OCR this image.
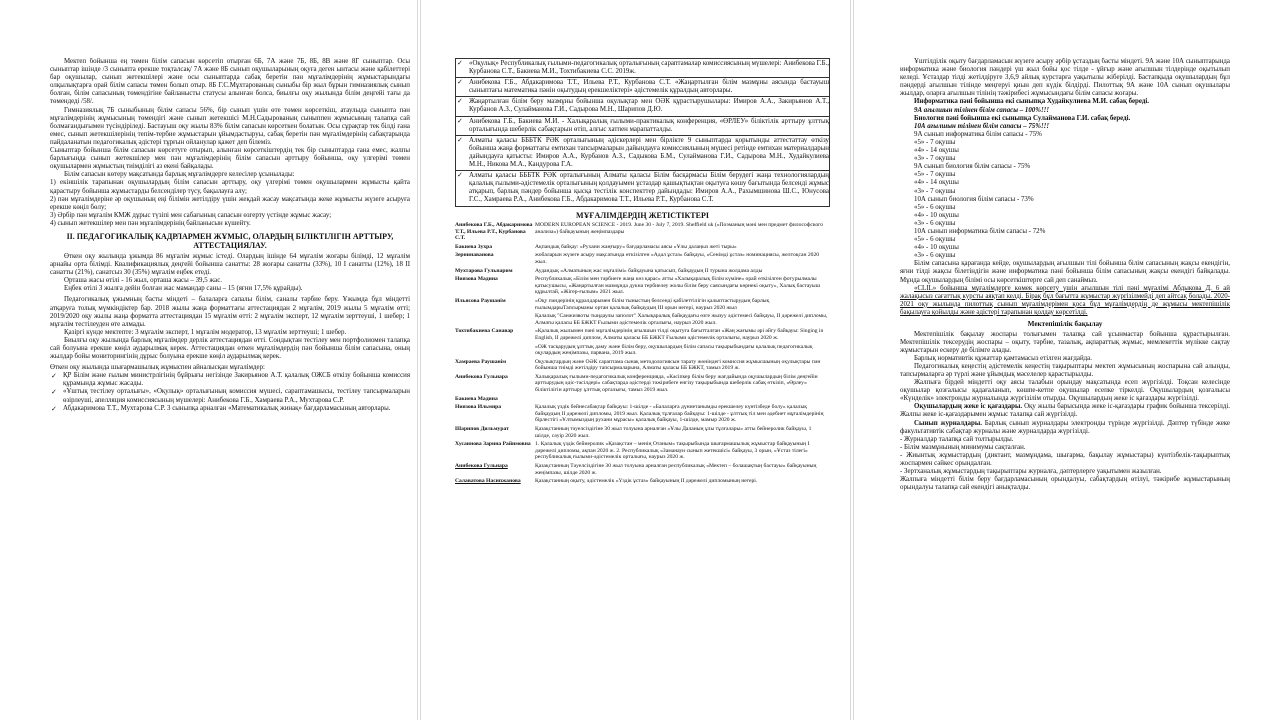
Мектеп бойынша ең төмен білім сапасын көрсетіп отырған 6Б, 7А және 7Б, 8Б, 8В және 8Г сыныптар. Осы сыныптар ішінде /3 сыныпта ерекше тоқталсақ/ 7А және 8Б сынып оқушыларының оқуға деген ынтасы және қабілеттері бар оқушылар, сынып жетекшілері және осы сыныптарда сабақ беретін пән мұғалімдерінің жұмыстарындағы олқылықтарға орай білім сапасы төмен болып отыр. 8Б Г.С.Мұхтарованың сыныбы бір жыл бұрын гимназиялық сынып болған, білім сапасының төмендігіне байланысты статусы алынған болса, биылғы оқу жылында білім деңгейі тағы да төмендеді /58/.

Гимназиялық 7Б сыныбының білім сапасы 56%, бір сынып үшін өте төмен көрсеткіш, атаулыда сыныпта пән мұғалімдерінің жұмысының төмендігі және сынып жетекшісі М.Н.Садырованың сыныппен жұмысының талапқа сай болмағандығымен түсіндіріледі. Бастауыш оқу жылы 83% білім сапасын көрсеткен болатын. Осы сұрақтар тек білді ғана емес, сынып жетекшілерінің тепім-тербие жұмыстарын ұйымдастыруы, сабақ беретін пән мұғалімдерінің сабақтарында пайдаланатын педагогикалық әдістері тұрғын ойланулар қажет деп білеміз.

Сыныптар бойынша білім сапасын көрсетуге отырып, алынған көрсеткіштердің тек бір сыныптарда ғана емес, жалпы барлығында сынып жетекшілер мен пән мұғалімдерінің білім сапасын арттыру бойынша, оқу үлгерімі төмен оқушылармен жұмыстың тиімділігі аз екені байқалады.

Білім сапасын көтеру мақсатында барлық мұғалімдерге келесілер ұсынылады:

1) екіншілік тарапынан оқушылардың білім сапасын арттыру, оқу үлгерімі төмен оқушылармен жұмысты қайта қарастыру бойынша жұмыстарды белсенділер түсу, бақылауға алу;

2) пән мұғалімдеріне әр оқушының еңі білімін жетілдіру үшін жеқдай жасау мақсатында жеке жұмысты жүзеге асыруға ерекше көңіл бөлу;

3) Әрбір пән мұғалім КМЖ дұрыс түзіпі мен сабағының сапасын өзгерту үстінде жұмыс жасау;

4) сынып жетекшілер мен пән мұғалімдерінің байланысын күшейту.

II. ПЕДАГОГИКАЛЫҚ КАДРЛАРМЕН ЖҰМЫС, ОЛАРДЫҢ БІЛІКТІЛІГІН АРТТЫРУ, АТТЕСТАЦИЯЛАУ.

Өткен оқу жылында ұжымда 86 мұғалім жұмыс істеді. Олардың ішінде 64 мұғалім жоғары білімді, 12 мұғалім арнайы орта білімді. Квалификациялық деңгейі бойынша санатты: 28 жоғары санатты (33%), 10 I санатты (12%), 18 II санатты (21%), санатсыз 30 (35%) мұғалім еңбек етеді.

Орташа жасы өтілі - 16 жыл, орташа жасы – 39,5 жас.

Еңбек өтілі 3 жылға дейін болған жас мамандар саны – 15 (яғни 17,5% құрайды).

Педагогикалық ұжымның басты міндеті – балаларға сапалы білім, саналы тәрбие беру. Ұжымда бұл міндетті атқаруға толық мүмкіндіктер бар. 2018 жылы жаңа форматтағы аттестациядан 2 мұғалім, 2019 жылы 5 мұғалім өтті; 2019/2020 оқу жылы жаңа форматта аттестациядан 15 мұғалім өтті: 2 мұғалім эксперт, 12 мұғалім зерттеуші, 1 шебер; 1 мұғалім тестілеуден өте алмады.

Қазіргі күнде мектепте: 3 мұғалім эксперт, 1 мұғалім модератор, 13 мұғалім зерттеуші; 1 шебер.

Биылғы оқу жылында барлық мұғалімдер дерлік аттестациядан өтті. Сондықтан тестілеу мен портфолиомен талапқа сай болуына ерекше көңіл аударылмақ керек. Аттестациядан өткен мұғалімдердің пән бойынша білім сапасына, оның жылдар бойы мониторингінің дұрыс болуына ерекше көңіл аударылмақ керек.

Өткен оқу жылында шығармашылық жұмыспен айналысқан мұғалімдер:

✓ ҚР Білім және ғылым министрлігінің бұйрығы негізінде Закирьянов А.Т. қалалық ОЖСБ өткізу бойынша комиссия құрамында жұмыс жасады.
✓ «Ұштық тестілеу орталығы», «Оқулық» орталығының комиссия мүшесі, сараптамашысы, тестілеу тапсырмаларын өзірлеуші, апелляция комиссиясының мүшелері: Анибекова Г.Б., Хамраева Р.А., Мухтарова С.Р.
✓ Абдакаримова Т.Т., Мухтарова С.Р. 3 сыныпқа арналған «Математикалық жинақ» бағдарламасының авторлары.
✓ «Оқулық» Республикалық ғылыми-педагогикалық орталығының сараптамалар комиссиясының мүшелері: Анибекова Г.Б., Курбанова С.Т., Бакиева М.И., Тохтибакиева С.С. 2019ж.
✓ Анибекова Г.Б., Абдакаримова Т.Т., Ильева Р.Т., Курбанова С.Т. «Жаңартылған білім мазмұны аясында бастауыш сыныптағы математика пәнін оқытудың ерекшеліктері» әдістемелік құралдың авторлары.
✓ Жаңартылған білім беру мазмұны бойынша оқулықтар мен ОӘК құрастырушылары: Имиров А.А., Закирьянов А.Т., Курбанов А.З., Сулайманова Г.И., Садырова М.Н., Шарипов Д.Ю.
✓ Анибекова Г.Б., Бакиева М.И. - Халықаралық ғылыми-практикалық конференция, «ӨРЛЕУ» біліктілік арттыру ұлттық орталығында шеберлік сабақтарын өтіп, алғыс хатпен марапатталды.
✓ Алматы қаласы БББТК РӘК орталығының әдіскерлері мен бірлікте 9 сыныптарда қорытынды аттестаттау өткізу бойынша жаңа форматтағы емтихан тапсырмаларын дайындауға комиссиялының мүшесі ретінде емтихан материалдарын дайындауға қатысты: Имиров А.А., Курбанов А.З., Садыкова Б.М., Сулайманова Г.И., Садырова М.Н., Худайкулиева М.Н., Никова М.А., Кандурова Г.А.
✓ Алматы қаласы БББТК РӘК орталығының Алматы қаласы Білім басқармасы Білім берудегі жаңа технологиялардың қалалық ғылыми-әдістемелік орталығының қолдауымен ұстаздар қашықтықтан оқытуға көшу бағытында белсенді жұмыс атқарып, барлық пәндер бойынша қысқа тестілік конспекттер дайындады: Имиров А.А., Рахымшинова Ш.С., Юнусова Г.С., Хамраева Р.А., Анибекова Г.Б., Абдакаримова Т.Т., Ильева Р.Т., Курбанова С.Т.
МҰҒАЛІМДЕРДІҢ ЖЕТІСТІКТЕРІ
Анибекова Г.Б., Абдакаримова Т.Т., Ильева Р.Т., Курбанова С.Т.	MODERN EUROPEAN SCIENCE - 2019. June 30 - July 7, 2019. Sheffield uk («Поэманың мәні мен предмет философского анализа») байқауының жеңімпаздары
Бакиева Зухра	Ақпандық байқау: «Рухани жаңғыру» бағдарламасы аясы «Ұлы далаңыз жеті тыры»
Зернинаванова	жобаларын жүзеге асыру мақсатында өткізілген «Адал ұстаз» байқауы, «Сенімді ұстаз» номинациясы, желтоқсан 2020 жыл.
Мухтарова Гульнарим	Аудандық «Алматының жас мұғалімі» байқауына қатысып, байқаудың II турына жолдама алды
Ниязова Мадина	Республикалық «Білім мен тәрбиеге жаңа көз қарас» атты «Халықаралық білім күміне» орай өткізілген фотурылмалы қатысушысы, «Жаңартылған мазмұнда дукна тербиелеу жолы білім беру саясындағы көрнекі оқыту», Халық бастауыш құрылтай, «Жігер-ғылым» 2021 жыл.
Ильясова Раушанім	«Оқу пәндерінің құралдарымен білім тыныстың белсенді қабілеттілігін қалыптастырудың барлық ғылымдарыТапсырманы ортан қалалық байқаудың III орын иегері, наурыз 2020 жыл
	Қалалық "Санжизвоты тыңдаулы заполот" Халықаралық байқаудағы өзге жызуу әдістемесі байқауы, II дәрежелі дипломы, Алматы қаласы ББ БЖКТ Ғылыми әдістемелік орталығы, наурыз 2020 жыл.
Тохтибакиева Санавар	«Қалалық жылымен пәні мұғалімдерінің ағылшын тілді оқытуға бағытталған «Жаң жағымы әрі әйгу байқауы: Singing in English, II дәрежелі диплом, Алматы қаласы ББ БЖКТ Ғылыми әдістемелік орталығы, наурыз 2020 ж.
	«ОЖ тасқарудың ұлттық даму және білім беру, оқушылардың білім сапасы тақырыбындағы қалалық педагогикалық оқулардың жеңімпазы, парвана, 2019 жыл.
Хамраева Раушанім	Оқулықтардың және ОӘК сараптама сынақ методологиясын тарату жөніндегі комиссия жұмысшының оқулықтары пән бойынша тиімді жетілдіру тапсырмаларына, Алматы қаласы ББ БЖКТ, тамыз 2019 ж.
Анибекова Гульнара	Халықаралық ғылыми-педагогикалық конференцияда, «Кәсіпкер білім беру жағдайында оқушылардың білім деңгейін арттырудың әдіс-тәсілдері» сабақтарда әдістерді тәжірибеге енгізу тақырыбында шеберлік сабақ өткізіп, «Өрлеу» біліктілігін арттыру ұлттық орталығы, тамыз 2019 жыл.
Бакиева Мадина	
Ниязова Ильмира	Қалалық үздік бейнесабақтар байқауы: 1-шілде - «Балаларға дүниетанымды ерекшелеу күнтізбеде болу» қалалық байқаудың II дәрежелі дипломы, 2019 жыл. Қалалық тұлғалар байқауы: 1-шілде - ұлттық тіл мен әдебиет мұғалімдерінің бірлестігі «Ұлтымыздың рухани мұрасы» қалалық байқауы, 1-шілде, мамыр 2020 ж.
Шарипов Дильмурат	Қазақстанның тәуелсіздігіне 30 жыл толуына арналған «Ұлы Даланың ұлы тұлғалары» атты бейнеролик байқауы, 1 шілде, сәуір 2020 жыл.
Хусаинова Зарина Райимовна	1. Қалалық үздік бейнеролик «Қазақстан – менің Отаным» тақырыбында шығармашылық жұмыстар байқауының I дәрежелі дипломы, ақпан 2020 ж. 2. Республикалық «Заманауи сынып жетекшісі» байқауы, 3 орын, «Ұстаз тілегі» республикалық ғылыми-әдістемелік орталығы, наурыз 2020 ж.
Анибекова Гульнара	Қазақстанның Тәуелсіздігіне 30 жыл толуына арналған республикалық «Мектеп – болашақтың бастауы» байқауының жеңімпазы, шілде 2020 ж.
Салаватова Насипжанова	Қазақстанның оқыту, әдістемелік «Үздік ұстаз» байқауының II дәрежелі дипломының иегері.

Ұштілділік оқыту бағдарламасын жүзеге асыру әрбір ұстаздың басты міндеті. 9А және 10А сыныптарында информатика және биология пәндері үш жыл бойы қос тілде - ұйғыр және ағылшын тілдерінде оқытылып келеді. Ұстаздар тілді жетілдіруге 3,6,9 айлық курстарға уақытылы жіберілді. Бастапқыда оқушылардың бұл пәндерді ағылшын тілінде меңгеруі қиын деп күдік білдірді. Пилоттық 9А және 10А сынып оқушылары жылдар, оларға ағылшын тілінің тәжірибесі жұмысындағы білім сапасы жоғары.

Информатика пәні бойынша екі сыныпқа Худайкулиева М.И. сабақ береді.

9А ағылшын тілінен білім сапасы – 100%!!!

Биология пәні бойынша екі сыныпқа Сулайманова Г.И. сабақ береді.

10А ағылшын тілінен білім сапасы – 75%!!!

9А сынып информатика білім сапасы - 75%

«5» - 7 оқушы

«4» - 14 оқушы

«3» - 7 оқушы

9А сынып биология білім сапасы - 75%

«5» - 7 оқушы

«4» - 14 оқушы

«3» - 7 оқушы

10А сынып биология білім сапасы - 73%

«5» - 6 оқушы

«4» - 10 оқушы

«3» - 6 оқушы

10А сынып информатика білім сапасы - 72%

«5» - 6 оқушы

«4» - 10 оқушы

«3» - 6 оқушы

Білім сапасына қарағанда кейде, оқушылардың ағылшын тілі бойынша білім сапасының жақсы екендігін, яғни тілді жақсы білетіндігін және информатика пәні бойынша білім сапасының жақсы екендігі байқалады. Мұнда оқушылардың білімі осы көрсеткіштерге сай деп санаймыз.

«СLIL» бойынша мұғалімдерге көмек көрсету үшін ағылшын тілі пәні мұғалімі Абдыкова Д. 6 ай жалақысыз сағаттық курсты аяқтап келді. Бірақ бұл бағытта жұмыстар жүргізілмейді деп айтсақ болады. 2020-2021 оқу жылында пилоттық сынып мұғалімдерімен қоса бұл мұғалімдердің де жұмысы мектепішілік бақылауға қойылды және әдістері тарапынан қолдау көрсетілді.

Мектепішілік бақылау

Мектепішілік бақылау жоспары толығымен талапқа сай ұсынмастар бойынша құрастырылған. Мектепішілік тексерудің жоспары – оқыту, тәрбие, тазалық, ақпараттық жұмыс, мемлекеттік мүлікке сақтау жұмыстарын ескеру де білімге алады.

Барлық нормативтік құжаттар қамтамасыз етілген жағдайда.

Педагогикалық кеңестің әдістемелік кеңестің тақырыптары мектеп жұмысының жоспарына сай алынды, тапсырмаларға әр түрлі және ұйымдық мәселелер қарастырылды.

Жалпыға бірдей міндетті оқу аясы талабын орындау мақсатында есеп жүргізілді. Тоқсан келесінде оқушылар қозғалысы қадағаланып, көшпе-кетпе оқушылар есепке тіркелді. Оқушылардың қозғалысы «Күнделік» электронды журналында жүргізілім отырды. Оқушылардың жеке іс қағаздары жүргізілді.

Оқушылардың жеке іс қағаздары. Оқу жылы барысында жеке іс-қағаздары график бойынша тексерілді. Жалпы жеке іс-қағаздарымен жұмыс талапқа сай жүргізілді.

Сынып журналдары. Барлық сынып журналдары электронды түрінде жүргізілді. Дәптер түбінде жеке факультативтік сабақтар журналы және журналдарда жүргізілді.

- Журналдар талапқа сай толтырылды.

- Білім мазмұнының минимумы сақталған.

- Жиынтық жұмыстардың (диктант, мазмұндама, шығарма, бақылау жұмыстары) күнтізбелік-тақырыптық жоспармен сәйкес орындалған.

- Зертханалық жұмыстардың тақырыптары журналға, дәптерлерге уақытымен жазылған.

Жалпыға міндетті білім беру бағдарламасының орындалуы, сабақтардың өтілуі, тәжірибе жұмыстарының орындалуы талапқа сай екендігі анықталды.
